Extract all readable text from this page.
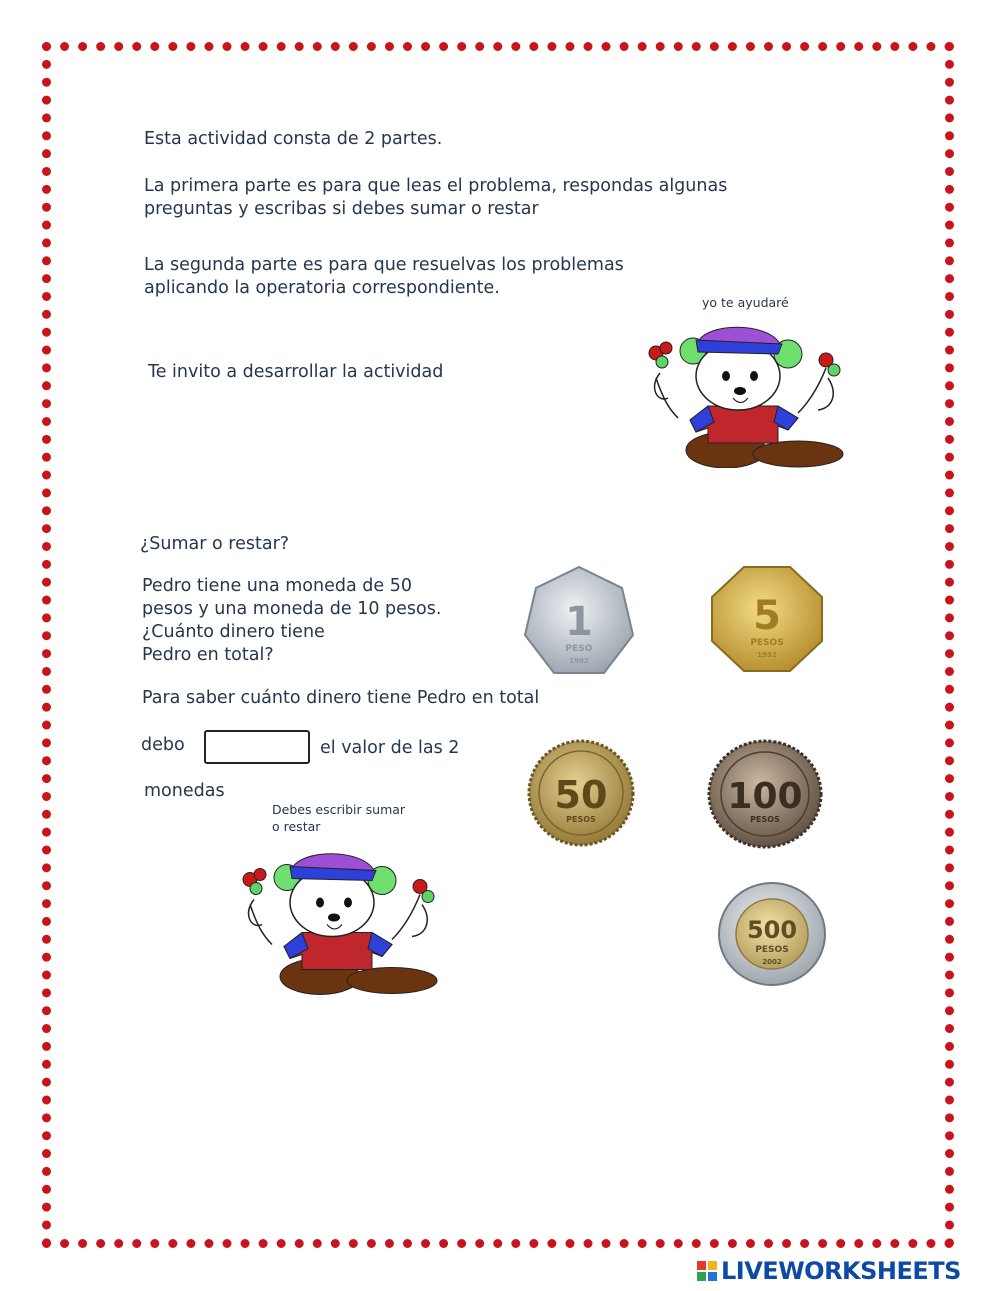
Esta actividad consta de 2 partes.
La primera parte es para que leas el problema, respondas algunas
preguntas y escribas si debes sumar o restar
La segunda parte es para que resuelvas los problemas
aplicando la operatoria correspondiente.
yo te ayudaré
Te invito a desarrollar la actividad
¿Sumar o restar?
Pedro tiene una moneda de 50
pesos y una moneda de 10 pesos.
¿Cuánto dinero tiene
Pedro en total?
Para saber cuánto dinero tiene Pedro en total
debo	el valor de las 2
monedas
Debes escribir sumar
o restar
1
PESO
1992
5
PESOS
1992
50
PESOS
100
PESOS
500
PESOS
2002
LIVEWORKSHEETS
